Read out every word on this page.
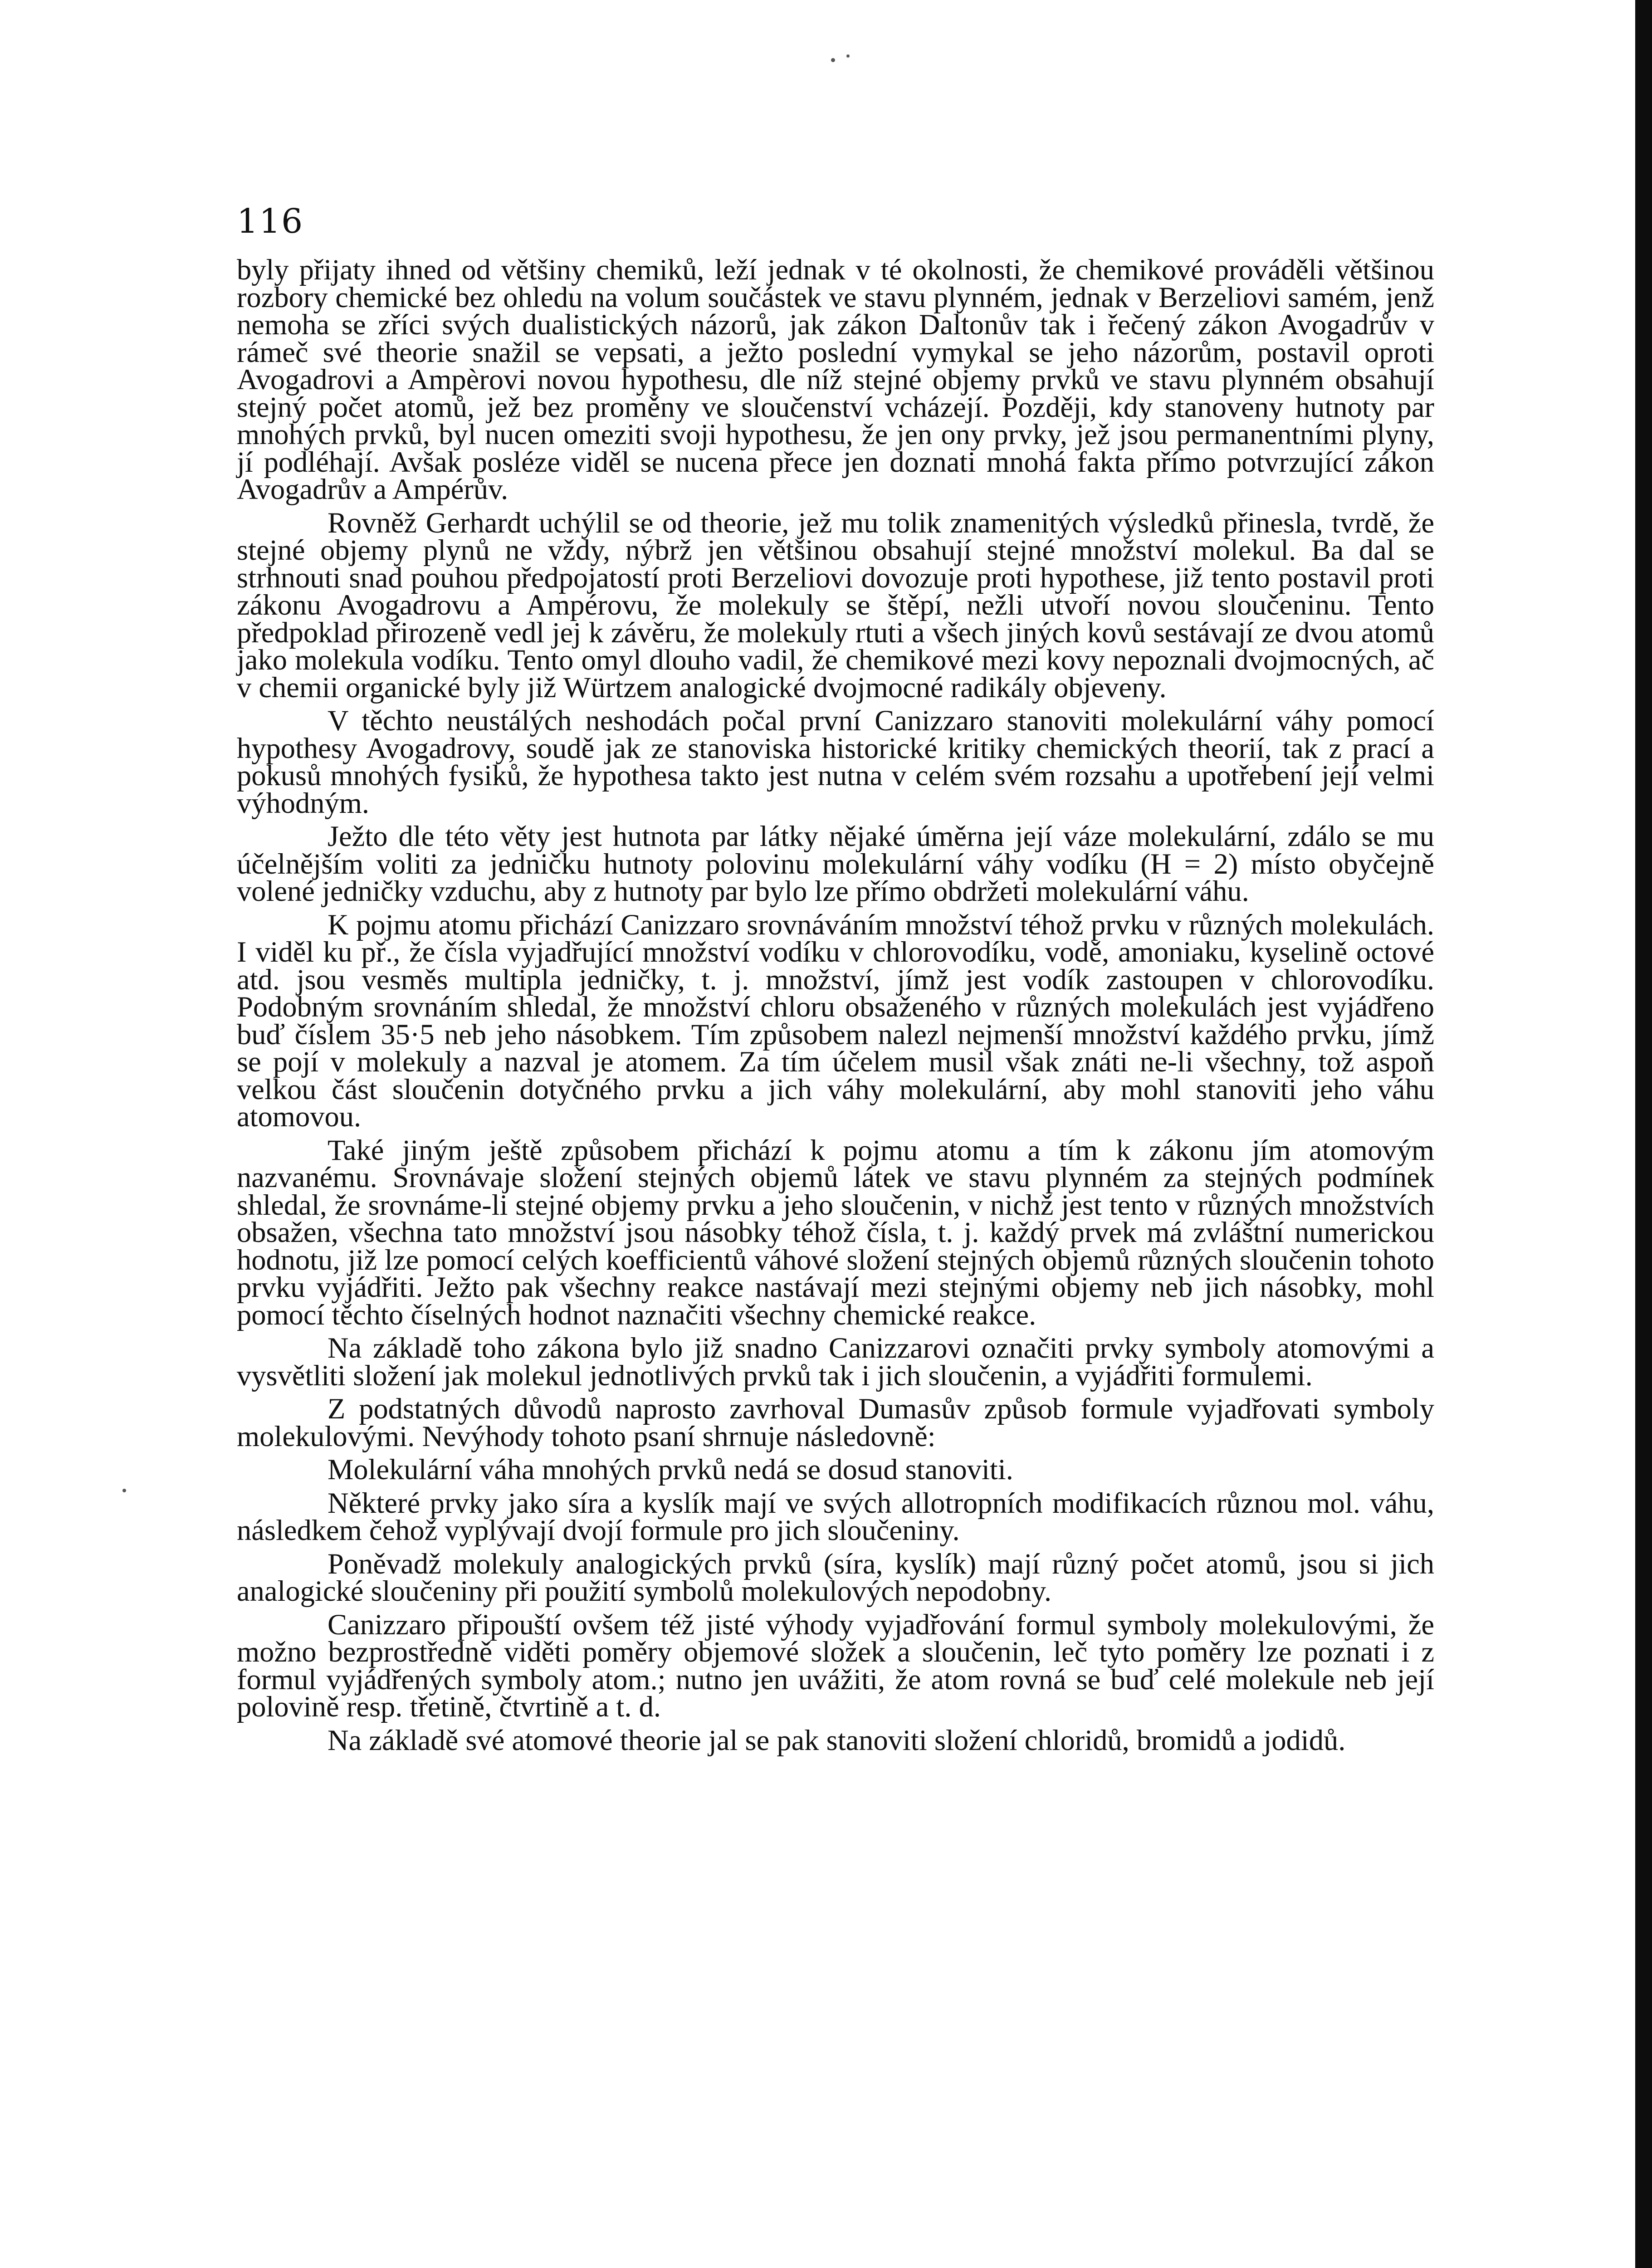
116

byly přijaty ihned od většiny chemiků, leží jednak v té okolnosti, že chemikové prováděli většinou rozbory chemické bez ohledu na volum součástek ve stavu plynném, jednak v Berzeliovi samém, jenž nemoha se zříci svých dualistických názorů, jak zákon Daltonův tak i řečený zákon Avogadrův v rámeč své theorie snažil se vepsati, a ježto poslední vymykal se jeho názorům, postavil oproti Avogadrovi a Ampèrovi novou hypothesu, dle níž stejné objemy prvků ve stavu plynném obsahují stejný počet atomů, jež bez proměny ve sloučenství vcházejí. Později, kdy stanoveny hutnoty par mnohých prvků, byl nucen omeziti svoji hypothesu, že jen ony prvky, jež jsou permanentními plyny, jí podléhají. Avšak posléze viděl se nucena přece jen doznati mnohá fakta přímo potvrzující zákon Avogadrův a Ampérův.

Rovněž Gerhardt uchýlil se od theorie, jež mu tolik znamenitých výsledků přinesla, tvrdě, že stejné objemy plynů ne vždy, nýbrž jen většinou obsahují stejné množství molekul. Ba dal se strhnouti snad pouhou předpojatostí proti Berzeliovi dovozuje proti hypothese, již tento postavil proti zákonu Avogadrovu a Ampérovu, že molekuly se štěpí, nežli utvoří novou sloučeninu. Tento předpoklad přirozeně vedl jej k závěru, že molekuly rtuti a všech jiných kovů sestávají ze dvou atomů jako molekula vodíku. Tento omyl dlouho vadil, že chemikové mezi kovy nepoznali dvojmocných, ač v chemii organické byly již Würtzem analogické dvojmocné radikály objeveny.

V těchto neustálých neshodách počal první Canizzaro stanoviti molekulární váhy pomocí hypothesy Avogadrovy, soudě jak ze stanoviska historické kritiky chemických theorií, tak z prací a pokusů mnohých fysiků, že hypothesa takto jest nutna v celém svém rozsahu a upotřebení její velmi výhodným.

Ježto dle této věty jest hutnota par látky nějaké úměrna její váze molekulární, zdálo se mu účelnějším voliti za jedničku hutnoty polovinu molekulární váhy vodíku (H = 2) místo obyčejně volené jedničky vzduchu, aby z hutnoty par bylo lze přímo obdržeti molekulární váhu.

K pojmu atomu přichází Canizzaro srovnáváním množství téhož prvku v různých molekulách. I viděl ku př., že čísla vyjadřující množství vodíku v chlorovodíku, vodě, amoniaku, kyselině octové atd. jsou vesměs multipla jedničky, t. j. množství, jímž jest vodík zastoupen v chlorovodíku. Podobným srovnáním shledal, že množství chloru obsaženého v různých molekulách jest vyjádřeno buď číslem 35·5 neb jeho násobkem. Tím způsobem nalezl nejmenší množství každého prvku, jímž se pojí v molekuly a nazval je atomem. Za tím účelem musil však znáti ne-li všechny, tož aspoň velkou část sloučenin dotyčného prvku a jich váhy molekulární, aby mohl stanoviti jeho váhu atomovou.

Také jiným ještě způsobem přichází k pojmu atomu a tím k zákonu jím atomovým nazvanému. Srovnávaje složení stejných objemů látek ve stavu plynném za stejných podmínek shledal, že srovnáme-li stejné objemy prvku a jeho sloučenin, v nichž jest tento v různých množstvích obsažen, všechna tato množství jsou násobky téhož čísla, t. j. každý prvek má zvláštní numerickou hodnotu, již lze pomocí celých koefficientů váhové složení stejných objemů různých sloučenin tohoto prvku vyjádřiti. Ježto pak všechny reakce nastávají mezi stejnými objemy neb jich násobky, mohl pomocí těchto číselných hodnot naznačiti všechny chemické reakce.

Na základě toho zákona bylo již snadno Canizzarovi označiti prvky symboly atomovými a vysvětliti složení jak molekul jednotlivých prvků tak i jich sloučenin, a vyjádřiti formulemi.

Z podstatných důvodů naprosto zavrhoval Dumasův způsob formule vyjadřovati symboly molekulovými. Nevýhody tohoto psaní shrnuje následovně:

Molekulární váha mnohých prvků nedá se dosud stanoviti.

Některé prvky jako síra a kyslík mají ve svých allotropních modifikacích různou mol. váhu, následkem čehož vyplývají dvojí formule pro jich sloučeniny.

Poněvadž molekuly analogických prvků (síra, kyslík) mají různý počet atomů, jsou si jich analogické sloučeniny při použití symbolů molekulových nepodobny.

Canizzaro připouští ovšem též jisté výhody vyjadřování formul symboly molekulovými, že možno bezprostředně viděti poměry objemové složek a sloučenin, leč tyto poměry lze poznati i z formul vyjádřených symboly atom.; nutno jen uvážiti, že atom rovná se buď celé molekule neb její polovině resp. třetině, čtvrtině a t. d.

Na základě své atomové theorie jal se pak stanoviti složení chloridů, bromidů a jodidů.
